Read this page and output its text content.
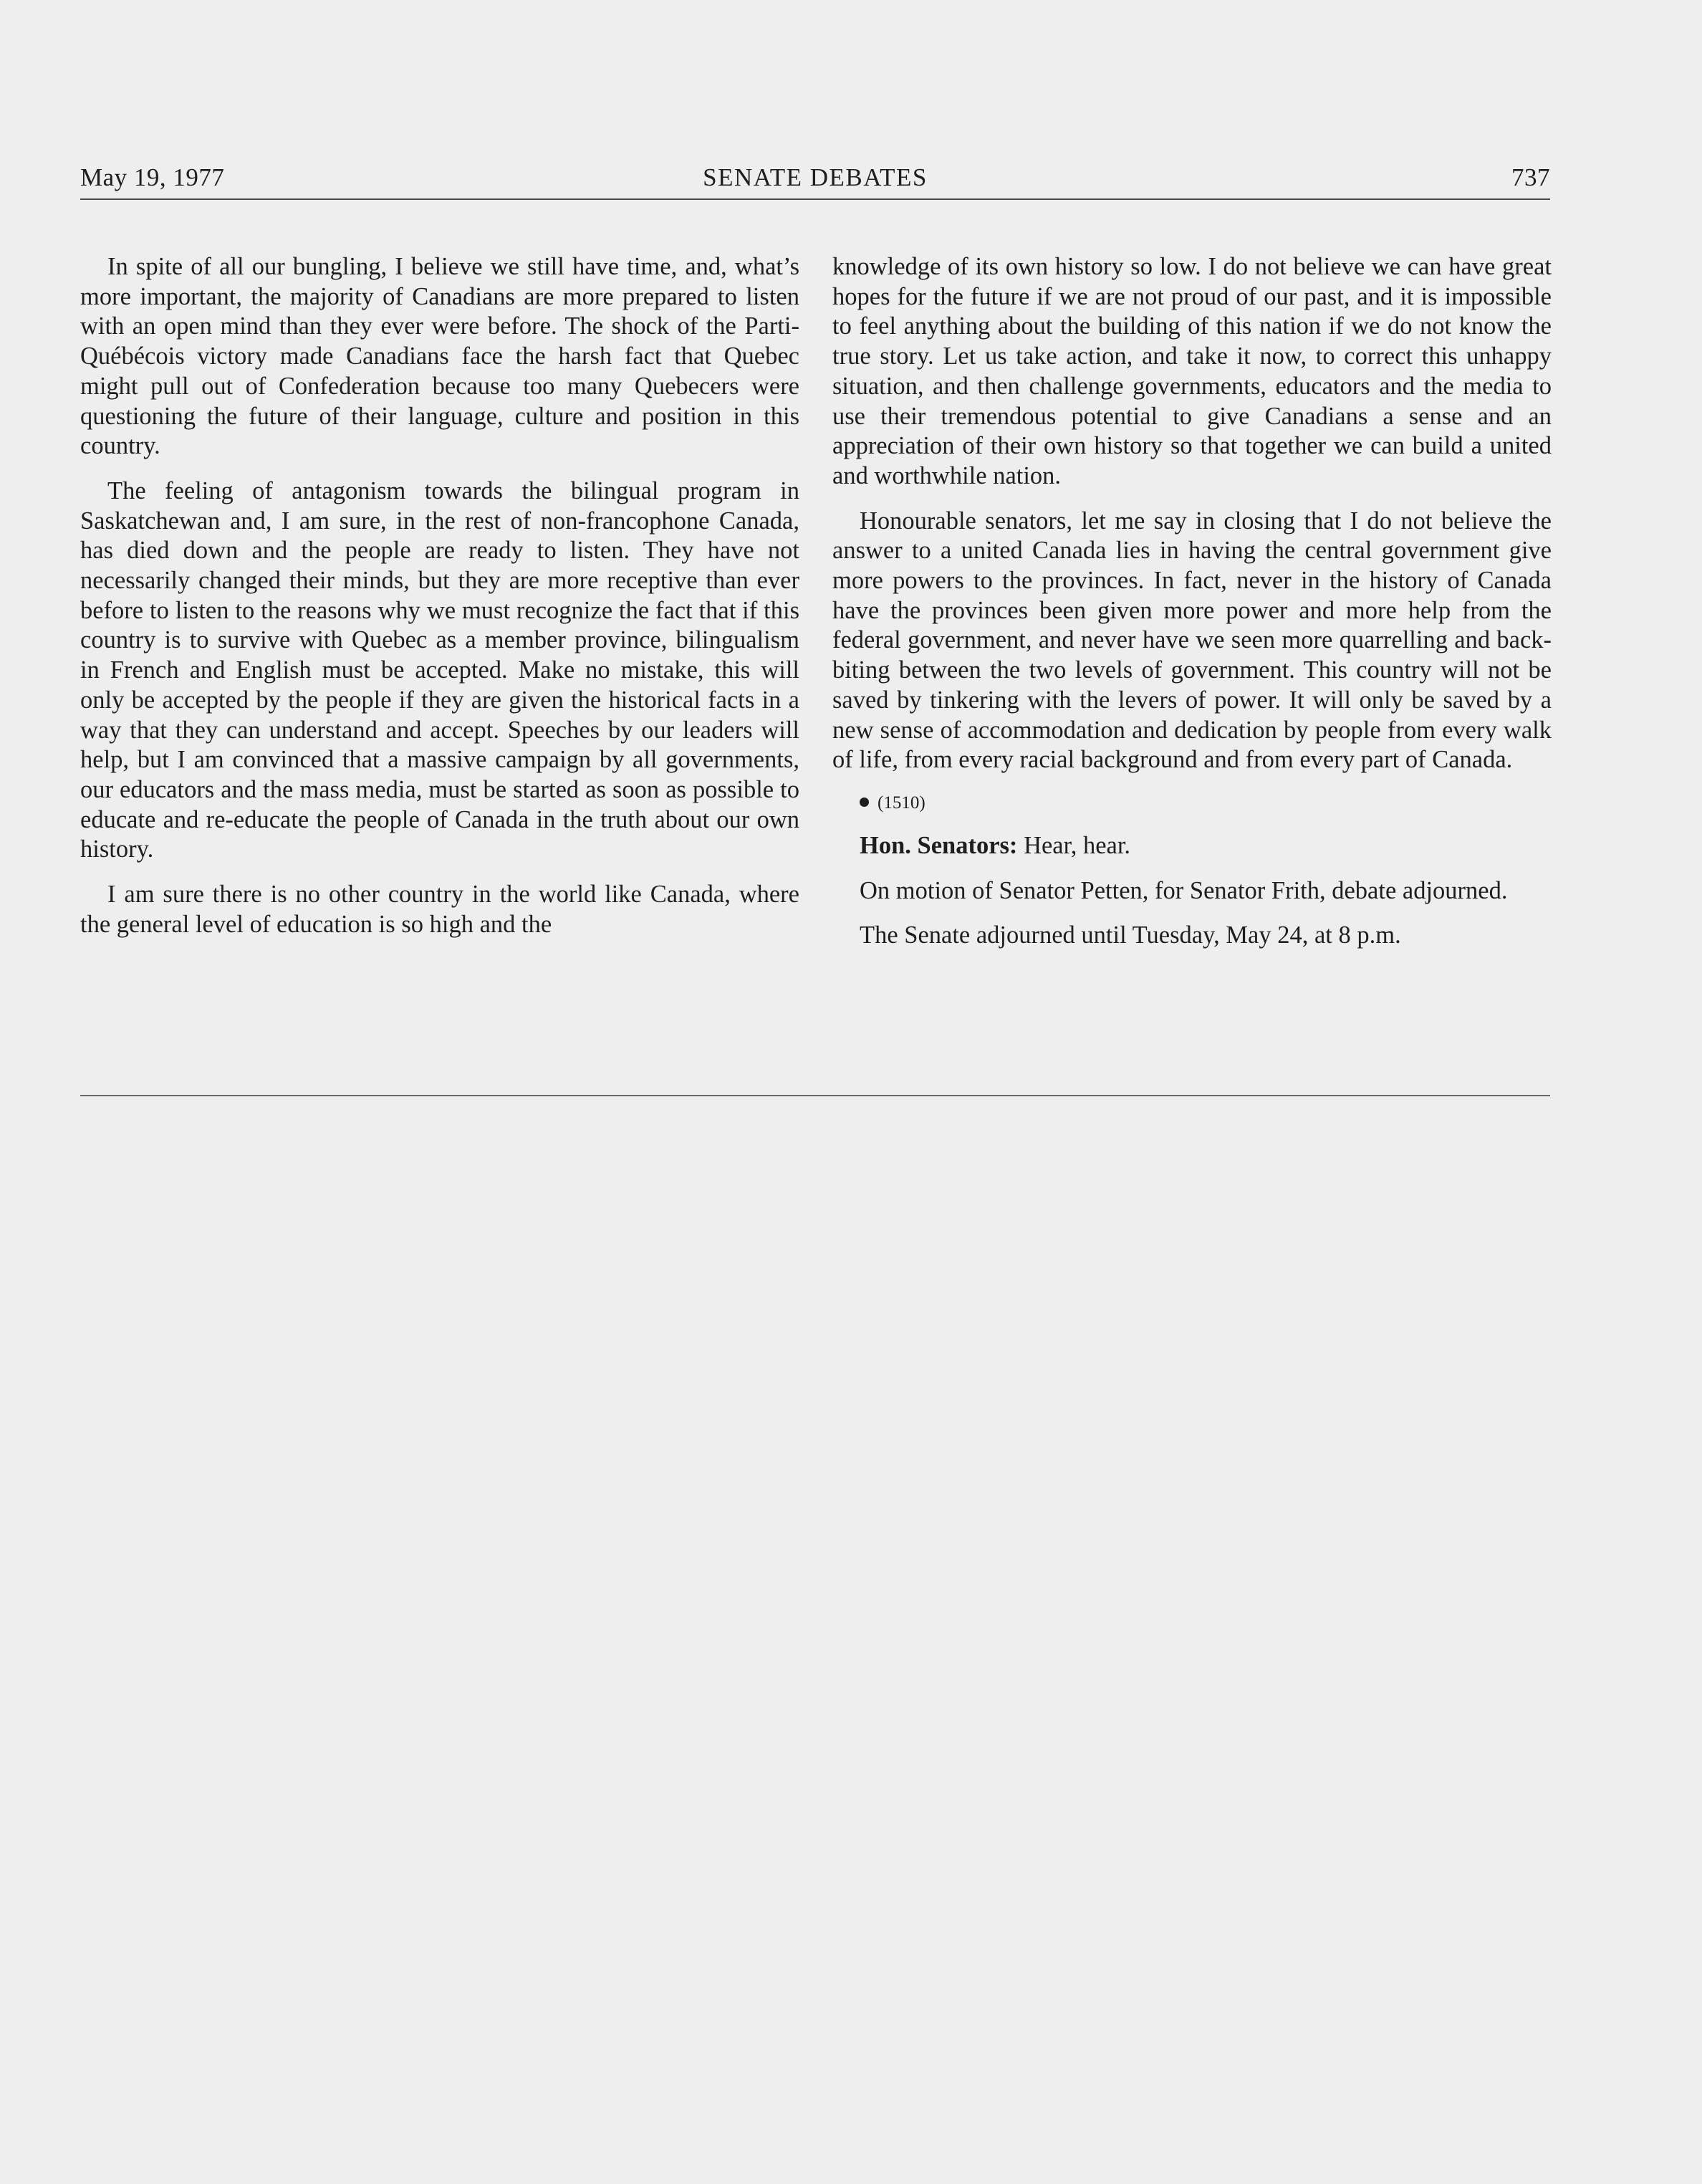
May 19, 1977	SENATE DEBATES	737

In spite of all our bungling, I believe we still have time, and, what’s more important, the majority of Canadians are more prepared to listen with an open mind than they ever were before. The shock of the Parti-Québécois victory made Canadians face the harsh fact that Quebec might pull out of Confederation because too many Quebecers were questioning the future of their language, culture and position in this country.

The feeling of antagonism towards the bilingual program in Saskatchewan and, I am sure, in the rest of non-francophone Canada, has died down and the people are ready to listen. They have not necessarily changed their minds, but they are more receptive than ever before to listen to the reasons why we must recognize the fact that if this country is to survive with Quebec as a member province, bilingualism in French and English must be accepted. Make no mistake, this will only be accepted by the people if they are given the historical facts in a way that they can understand and accept. Speeches by our leaders will help, but I am convinced that a massive campaign by all governments, our educators and the mass media, must be started as soon as possible to educate and re-educate the people of Canada in the truth about our own history.

I am sure there is no other country in the world like Canada, where the general level of education is so high and the

knowledge of its own history so low. I do not believe we can have great hopes for the future if we are not proud of our past, and it is impossible to feel anything about the building of this nation if we do not know the true story. Let us take action, and take it now, to correct this unhappy situation, and then challenge governments, educators and the media to use their tremendous potential to give Canadians a sense and an appreciation of their own history so that together we can build a united and worthwhile nation.

Honourable senators, let me say in closing that I do not believe the answer to a united Canada lies in having the central government give more powers to the provinces. In fact, never in the history of Canada have the provinces been given more power and more help from the federal government, and never have we seen more quarrelling and back-biting between the two levels of government. This country will not be saved by tinkering with the levers of power. It will only be saved by a new sense of accommodation and dedication by people from every walk of life, from every racial background and from every part of Canada.

(1510)

Hon. Senators: Hear, hear.

On motion of Senator Petten, for Senator Frith, debate adjourned.

The Senate adjourned until Tuesday, May 24, at 8 p.m.
